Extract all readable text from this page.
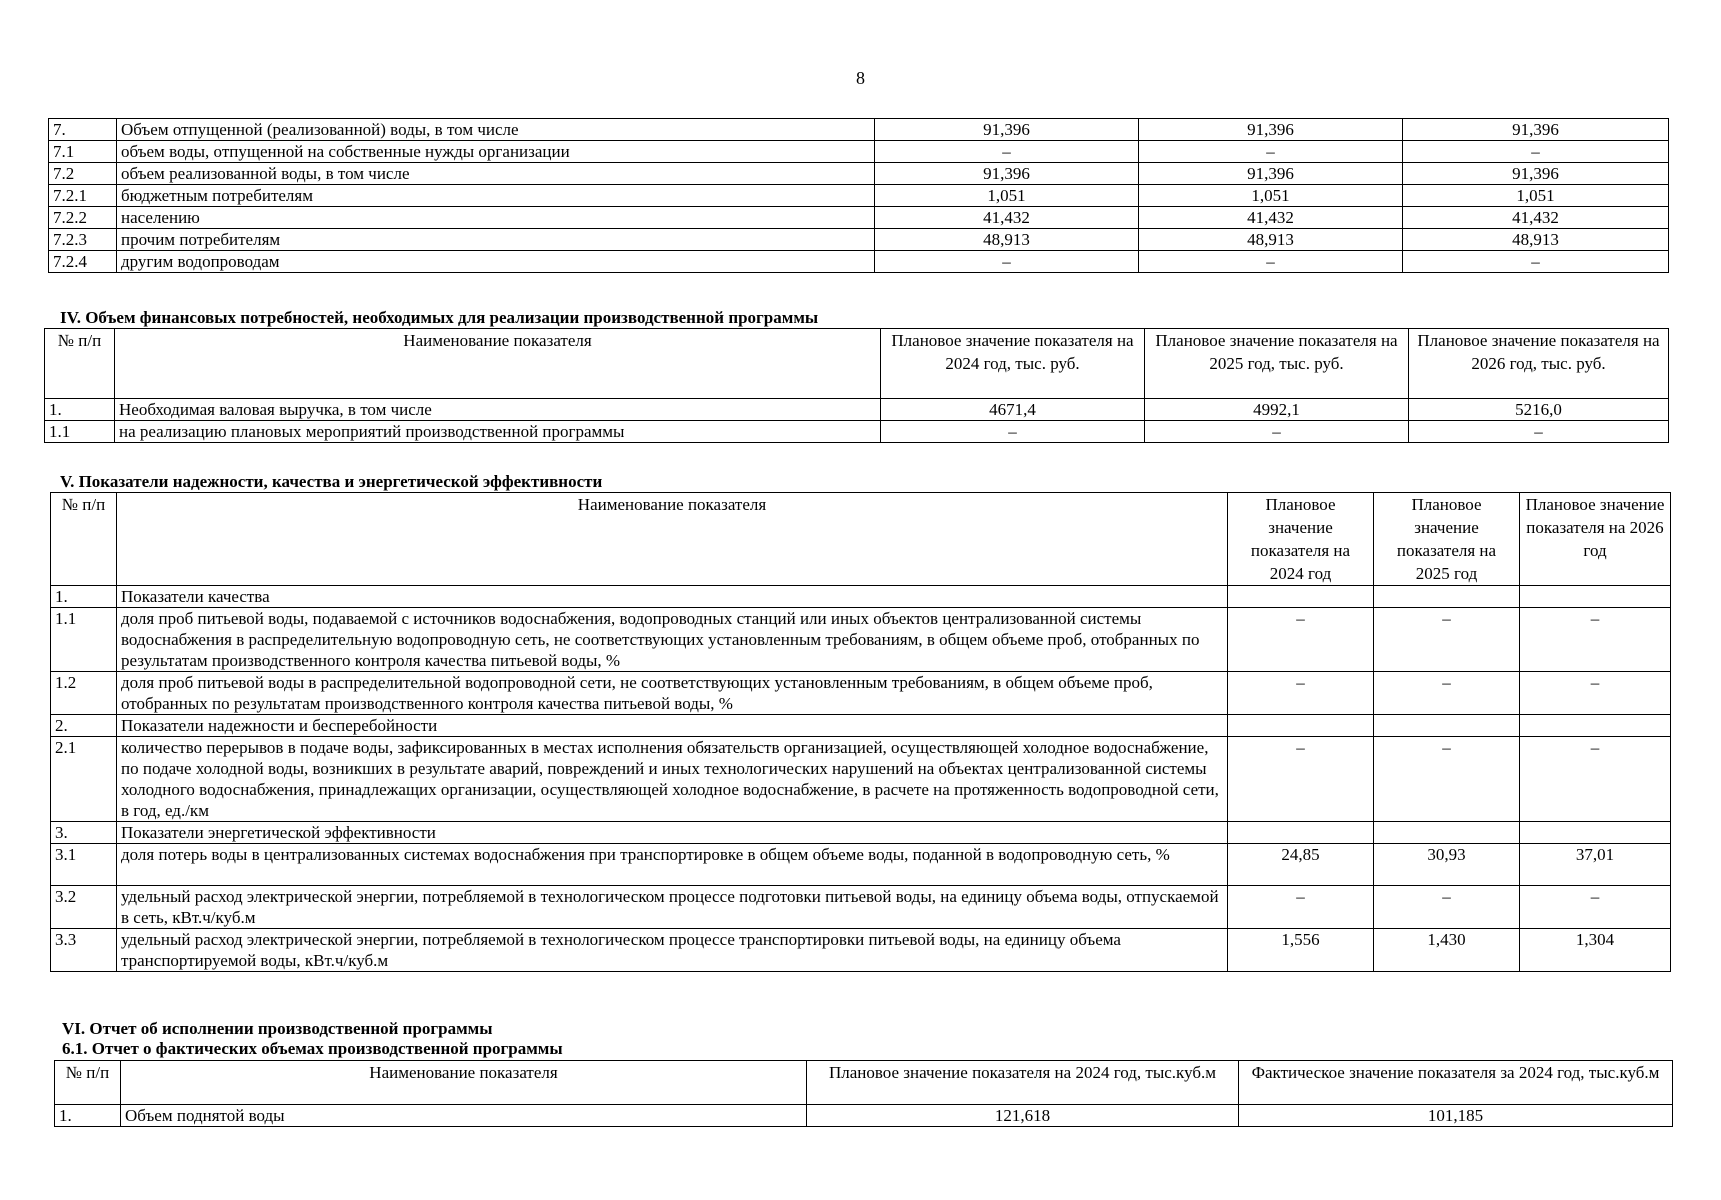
8
7.	Объем отпущенной (реализованной) воды, в том числе	91,396	91,396	91,396
7.1	объем воды, отпущенной на собственные нужды организации	–	–	–
7.2	объем реализованной воды, в том числе	91,396	91,396	91,396
7.2.1	бюджетным потребителям	1,051	1,051	1,051
7.2.2	населению	41,432	41,432	41,432
7.2.3	прочим потребителям	48,913	48,913	48,913
7.2.4	другим водопроводам	–	–	–
IV. Объем финансовых потребностей, необходимых для реализации производственной программы
№ п/п	Наименование показателя	Плановое значение показателя на 2024 год, тыс. руб.	Плановое значение показателя на 2025 год, тыс. руб.	Плановое значение показателя на 2026 год, тыс. руб.
1.	Необходимая валовая выручка, в том числе	4671,4	4992,1	5216,0
1.1	на реализацию плановых мероприятий производственной программы	–	–	–
V. Показатели надежности, качества и энергетической эффективности
№ п/п	Наименование показателя	Плановое значение показателя на 2024 год	Плановое значение показателя на 2025 год	Плановое значение показателя на 2026 год
1.	Показатели качества			
1.1	доля проб питьевой воды, подаваемой с источников водоснабжения, водопроводных станций или иных объектов централизованной системы водоснабжения в распределительную водопроводную сеть, не соответствующих установленным требованиям, в общем объеме проб, отобранных по результатам производственного контроля качества питьевой воды, %	–	–	–
1.2	доля проб питьевой воды в распределительной водопроводной сети, не соответствующих установленным требованиям, в общем объеме проб, отобранных по результатам производственного контроля качества питьевой воды, %	–	–	–
2.	Показатели надежности и бесперебойности			
2.1	количество перерывов в подаче воды, зафиксированных в местах исполнения обязательств организацией, осуществляющей холодное водоснабжение, по подаче холодной воды, возникших в результате аварий, повреждений и иных технологических нарушений на объектах централизованной системы холодного водоснабжения, принадлежащих организации, осуществляющей холодное водоснабжение, в расчете на протяженность водопроводной сети, в год, ед./км	–	–	–
3.	Показатели энергетической эффективности			
3.1	доля потерь воды в централизованных системах водоснабжения при транспортировке в общем объеме воды, поданной в водопроводную сеть, %	24,85	30,93	37,01
3.2	удельный расход электрической энергии, потребляемой в технологическом процессе подготовки питьевой воды, на единицу объема воды, отпускаемой в сеть, кВт.ч/куб.м	–	–	–
3.3	удельный расход электрической энергии, потребляемой в технологическом процессе транспортировки питьевой воды, на единицу объема транспортируемой воды, кВт.ч/куб.м	1,556	1,430	1,304
VI. Отчет об исполнении производственной программы
6.1. Отчет о фактических объемах производственной программы
№ п/п	Наименование показателя	Плановое значение показателя на 2024 год, тыс.куб.м	Фактическое значение показателя за 2024 год, тыс.куб.м
1.	Объем поднятой воды	121,618	101,185
